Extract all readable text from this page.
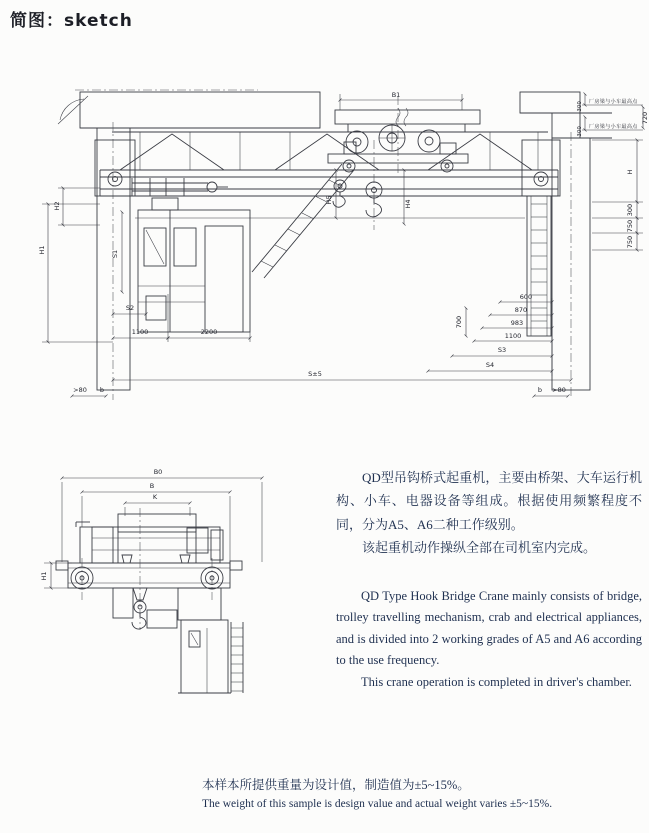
简图：sketch
300 厂房梁与小车最高点
300 厂房梁与小车最高点
720
H
300
750
750
B1
H5	H4
H1
H2
S1
S2
1100	2200
S±5
>80 b	b >80
600
870
983
1100
700
S3
S4
B0
B
K
H1

QD型吊钩桥式起重机，主要由桥架、大车运行机构、小车、电器设备等组成。根据使用频繁程度不同，分为A5、A6二种工作级别。

该起重机动作操纵全部在司机室内完成。

QD Type Hook Bridge Crane mainly consists of bridge, trolley travelling mechanism, crab and electrical appliances, and is divided into 2 working grades of A5 and A6 according to the use frequency.

This crane operation is completed in driver's chamber.

本样本所提供重量为设计值，制造值为±5~15%。
The weight of this sample is design value and actual weight varies ±5~15%.
